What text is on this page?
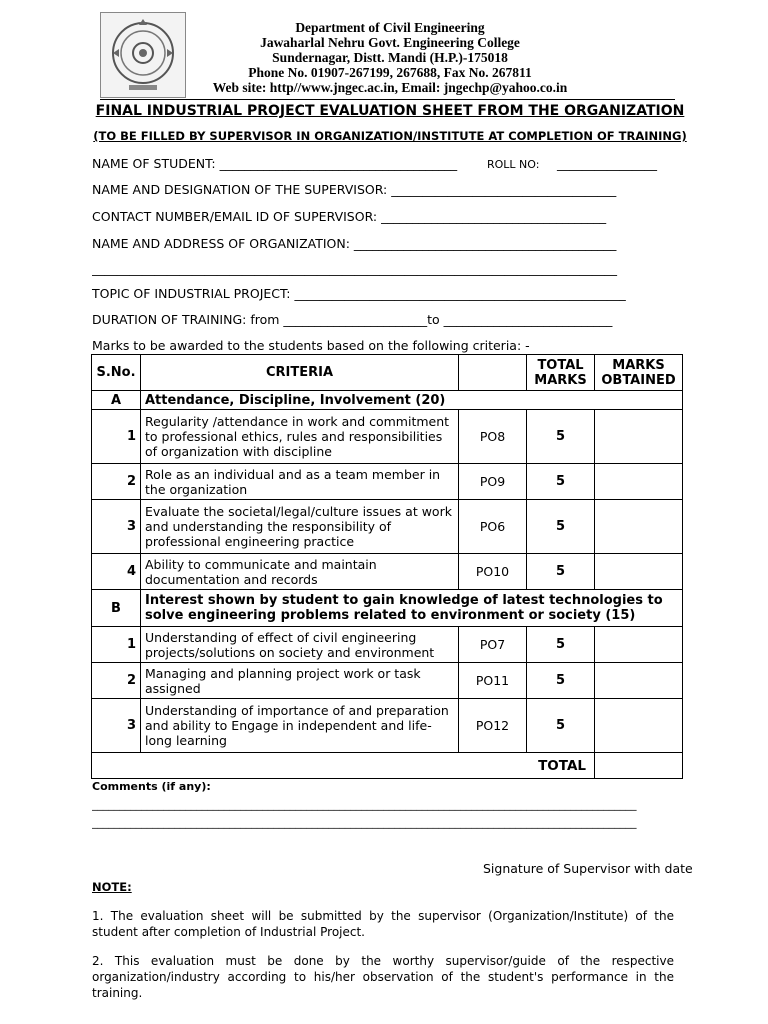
Department of Civil Engineering
Jawaharlal Nehru Govt. Engineering College
Sundernagar, Distt. Mandi (H.P.)-175018
Phone No. 01907-267199, 267688, Fax No. 267811
Web site: http//www.jngec.ac.in, Email: jngechp@yahoo.co.in
FINAL INDUSTRIAL PROJECT EVALUATION SHEET FROM THE ORGANIZATION
(TO BE FILLED BY SUPERVISOR IN ORGANIZATION/INSTITUTE AT COMPLETION OF TRAINING)
NAME OF STUDENT: ______________________________________	ROLL NO: ________________
NAME AND DESIGNATION OF THE SUPERVISOR: ____________________________________
CONTACT NUMBER/EMAIL ID OF SUPERVISOR: ____________________________________
NAME AND ADDRESS OF ORGANIZATION: __________________________________________
____________________________________________________________________________________
TOPIC OF INDUSTRIAL PROJECT: _____________________________________________________
DURATION OF TRAINING: from _______________________to ___________________________
Marks to be awarded to the students based on the following criteria: -
S.No.	CRITERIA		TOTAL MARKS	MARKS OBTAINED
A	Attendance, Discipline, Involvement (20)			
1	Regularity /attendance in work and commitment to professional ethics, rules and responsibilities of organization with discipline	PO8	5	
2	Role as an individual and as a team member in the organization	PO9	5	
3	Evaluate the societal/legal/culture issues at work and understanding the responsibility of professional engineering practice	PO6	5	
4	Ability to communicate and maintain documentation and records	PO10	5	
B	Interest shown by student to gain knowledge of latest technologies to solve engineering problems related to environment or society (15)			
1	Understanding of effect of civil engineering projects/solutions on society and environment	PO7	5	
2	Managing and planning project work or task assigned	PO11	5	
3	Understanding of importance of and preparation and ability to Engage in independent and life- long learning	PO12	5	
TOTAL				
Comments (if any):
___________________________________________________________________________________________________
___________________________________________________________________________________________________
Signature of Supervisor with date
NOTE:
1. The evaluation sheet will be submitted by the supervisor (Organization/Institute) of the student after completion of Industrial Project.
2. This evaluation must be done by the worthy supervisor/guide of the respective organization/industry according to his/her observation of the student's performance in the training.
